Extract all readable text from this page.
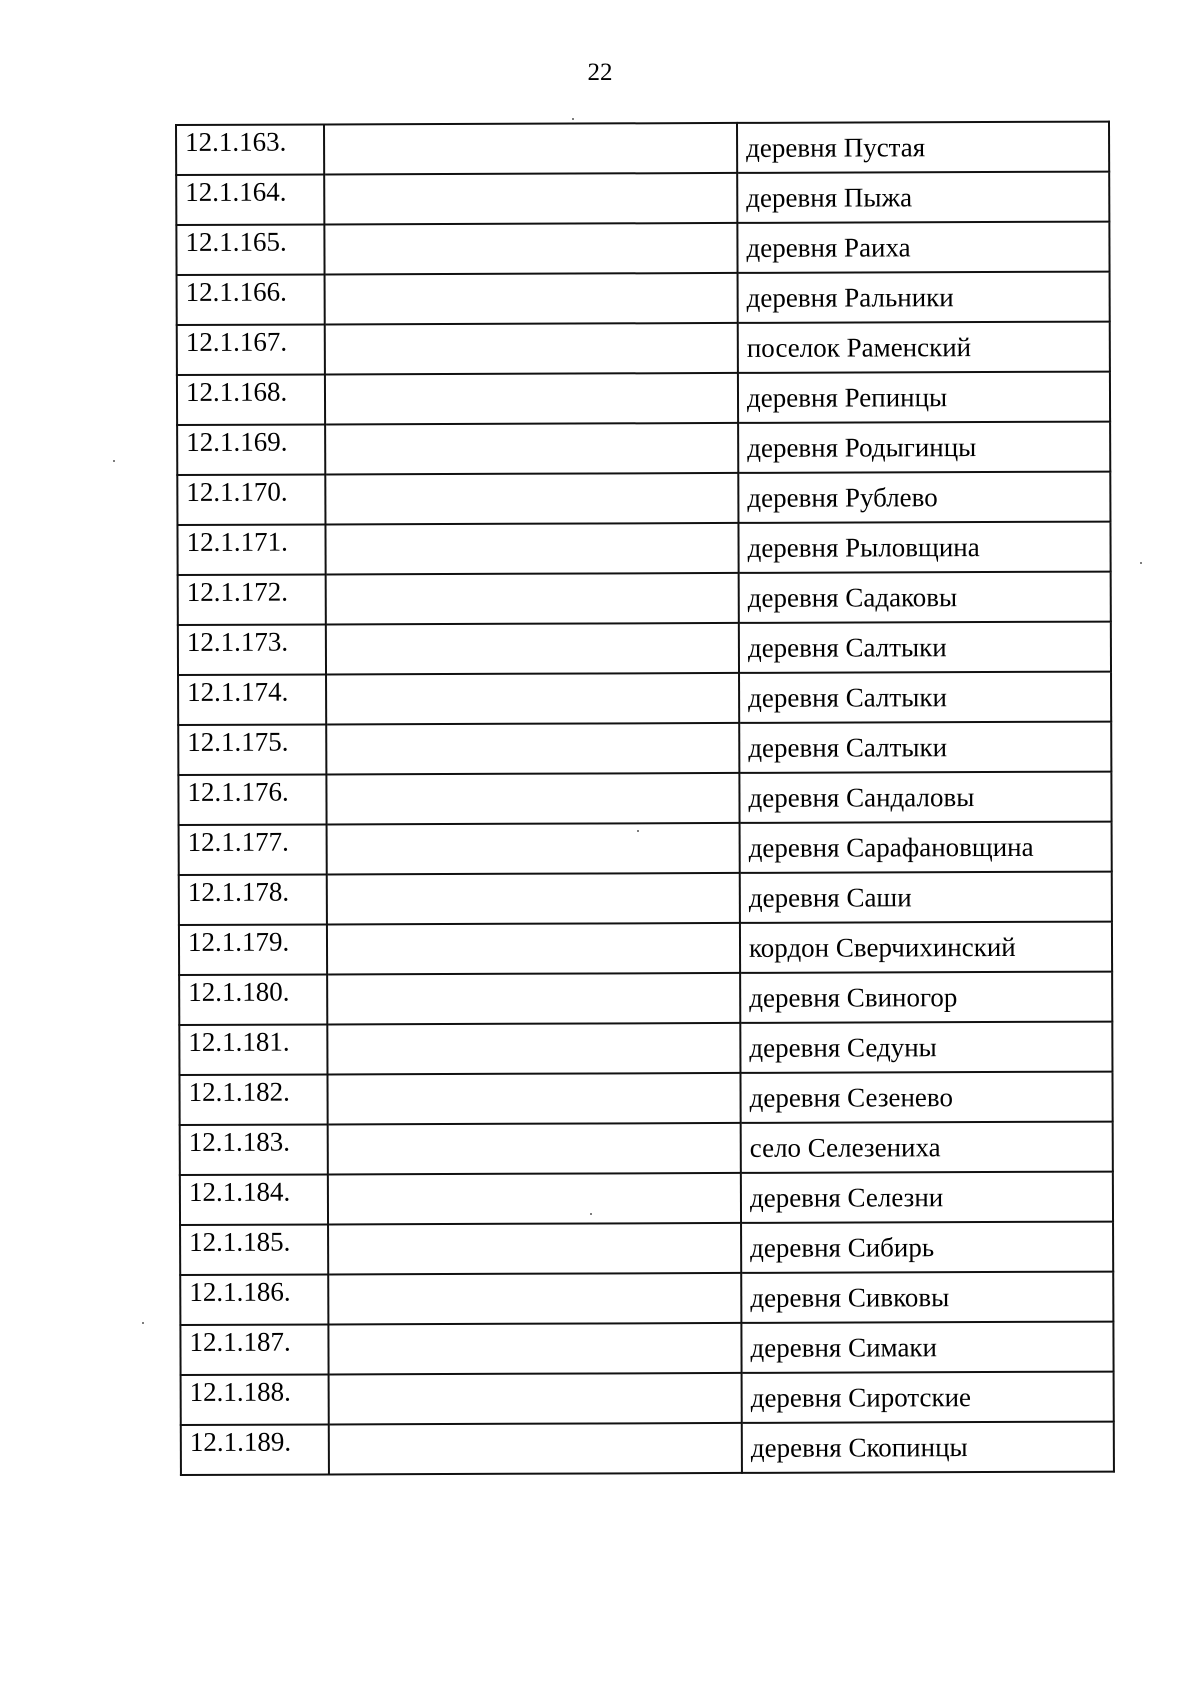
22
12.1.163.		деревня Пустая
12.1.164.		деревня Пыжа
12.1.165.		деревня Раиха
12.1.166.		деревня Ральники
12.1.167.		поселок Раменский
12.1.168.		деревня Репинцы
12.1.169.		деревня Родыгинцы
12.1.170.		деревня Рублево
12.1.171.		деревня Рыловщина
12.1.172.		деревня Садаковы
12.1.173.		деревня Салтыки
12.1.174.		деревня Салтыки
12.1.175.		деревня Салтыки
12.1.176.		деревня Сандаловы
12.1.177.		деревня Сарафановщина
12.1.178.		деревня Саши
12.1.179.		кордон Сверчихинский
12.1.180.		деревня Свиногор
12.1.181.		деревня Седуны
12.1.182.		деревня Сезенево
12.1.183.		село Селезениха
12.1.184.		деревня Селезни
12.1.185.		деревня Сибирь
12.1.186.		деревня Сивковы
12.1.187.		деревня Симаки
12.1.188.		деревня Сиротские
12.1.189.		деревня Скопинцы
